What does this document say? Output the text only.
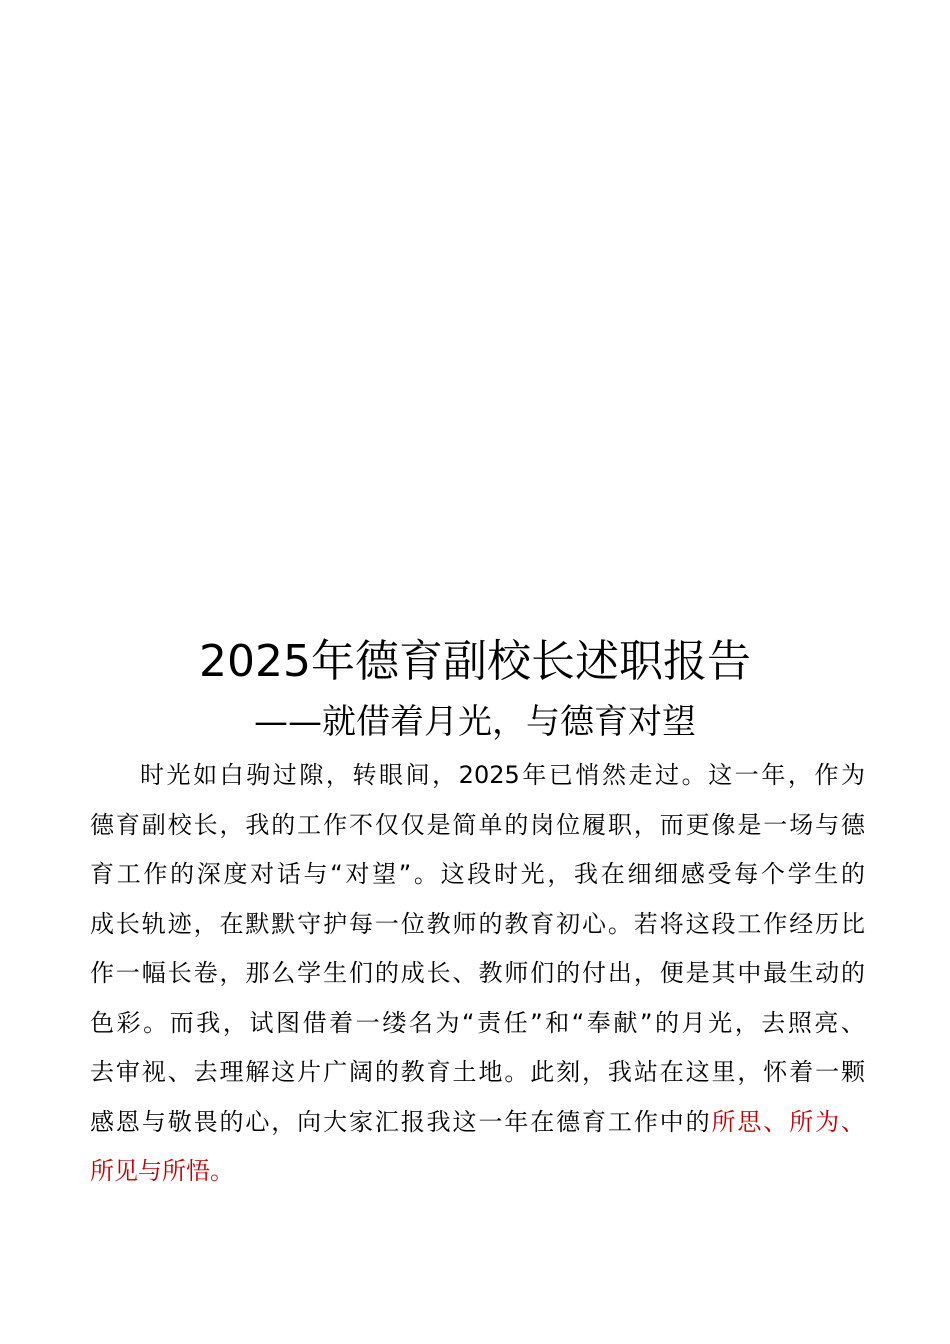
2025年德育副校长述职报告
——就借着月光，与德育对望
时光如白驹过隙，转眼间，2025年已悄然走过。这一年，作为
德育副校长，我的工作不仅仅是简单的岗位履职，而更像是一场与德
育工作的深度对话与“对望”。这段时光，我在细细感受每个学生的
成长轨迹，在默默守护每一位教师的教育初心。若将这段工作经历比
作一幅长卷，那么学生们的成长、教师们的付出，便是其中最生动的
色彩。而我，试图借着一缕名为“责任”和“奉献”的月光，去照亮、
去审视、去理解这片广阔的教育土地。此刻，我站在这里，怀着一颗
感恩与敬畏的心，向大家汇报我这一年在德育工作中的所思、所为、
所见与所悟。
